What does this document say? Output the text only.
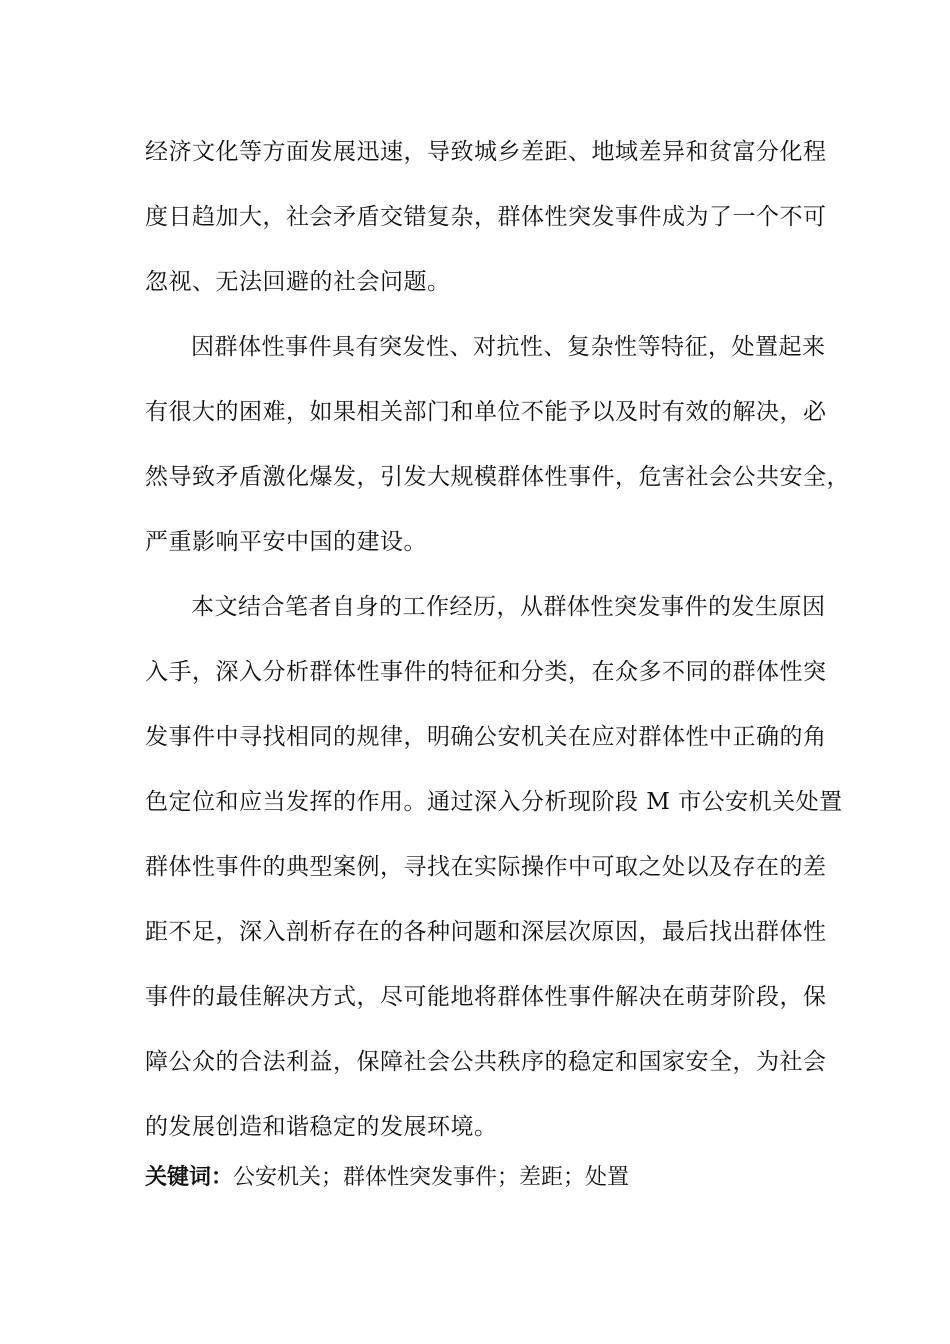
经济文化等方面发展迅速，导致城乡差距、地域差异和贫富分化程
度日趋加大，社会矛盾交错复杂，群体性突发事件成为了一个不可
忽视、无法回避的社会问题。
因群体性事件具有突发性、对抗性、复杂性等特征，处置起来
有很大的困难，如果相关部门和单位不能予以及时有效的解决，必
然导致矛盾激化爆发，引发大规模群体性事件，危害社会公共安全，
严重影响平安中国的建设。
本文结合笔者自身的工作经历，从群体性突发事件的发生原因
入手，深入分析群体性事件的特征和分类，在众多不同的群体性突
发事件中寻找相同的规律，明确公安机关在应对群体性中正确的角
色定位和应当发挥的作用。通过深入分析现阶段 M 市公安机关处置
群体性事件的典型案例，寻找在实际操作中可取之处以及存在的差
距不足，深入剖析存在的各种问题和深层次原因，最后找出群体性
事件的最佳解决方式，尽可能地将群体性事件解决在萌芽阶段，保
障公众的合法利益，保障社会公共秩序的稳定和国家安全，为社会
的发展创造和谐稳定的发展环境。
关键词：公安机关；群体性突发事件；差距；处置
